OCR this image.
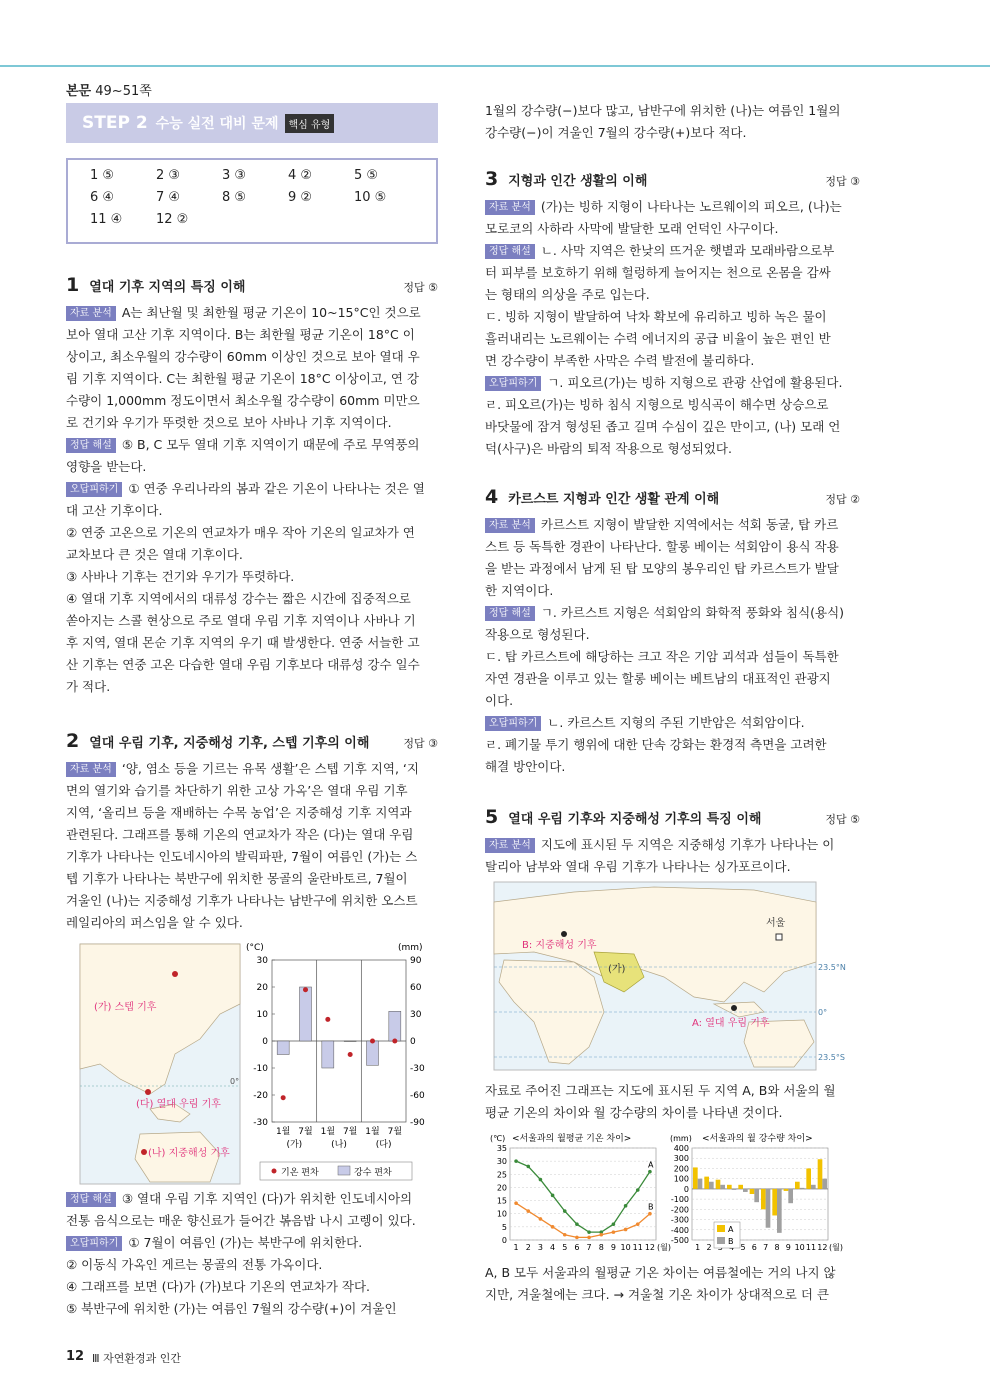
본문 49~51쪽
STEP 2 수능 실전 대비 문제	핵심 유형
1 ⑤	2 ③	3 ③	4 ②	5 ⑤
6 ④	7 ④	8 ⑤	9 ②	10 ⑤
11 ④	12 ②
1 열대 기후 지역의 특징 이해	정답 ⑤
자료 분석 A는 최난월 및 최한월 평균 기온이 10~15°C인 것으로
보아 열대 고산 기후 지역이다. B는 최한월 평균 기온이 18°C 이
상이고, 최소우월의 강수량이 60mm 이상인 것으로 보아 열대 우
림 기후 지역이다. C는 최한월 평균 기온이 18°C 이상이고, 연 강
수량이 1,000mm 정도이면서 최소우월 강수량이 60mm 미만으
로 건기와 우기가 뚜렷한 것으로 보아 사바나 기후 지역이다.
정답 해설 ⑤ B, C 모두 열대 기후 지역이기 때문에 주로 무역풍의
영향을 받는다.
오답피하기 ① 연중 우리나라의 봄과 같은 기온이 나타나는 것은 열
대 고산 기후이다.
② 연중 고온으로 기온의 연교차가 매우 작아 기온의 일교차가 연
교차보다 큰 것은 열대 기후이다.
③ 사바나 기후는 건기와 우기가 뚜렷하다.
④ 열대 기후 지역에서의 대류성 강수는 짧은 시간에 집중적으로
쏟아지는 스콜 현상으로 주로 열대 우림 기후 지역이나 사바나 기
후 지역, 열대 몬순 기후 지역의 우기 때 발생한다. 연중 서늘한 고
산 기후는 연중 고온 다습한 열대 우림 기후보다 대류성 강수 일수
가 적다.
2 열대 우림 기후, 지중해성 기후, 스텝 기후의 이해	정답 ③
자료 분석 ‘양, 염소 등을 기르는 유목 생활’은 스텝 기후 지역, ‘지
면의 열기와 습기를 차단하기 위한 고상 가옥’은 열대 우림 기후
지역, ‘올리브 등을 재배하는 수목 농업’은 지중해성 기후 지역과
관련된다. 그래프를 통해 기온의 연교차가 작은 (다)는 열대 우림
기후가 나타나는 인도네시아의 발릭파판, 7월이 여름인 (가)는 스
텝 기후가 나타나는 북반구에 위치한 몽골의 울란바토르, 7월이
겨울인 (나)는 지중해성 기후가 나타나는 남반구에 위치한 오스트
레일리아의 퍼스임을 알 수 있다.
0°
(가) 스텝 기후
(다) 열대 우림 기후
(나) 지중해성 기후
(°C)	(mm)
30
20
10
0
-10
-20
-30
90
60
30
0
-30
-60
-90
1월 7월 1월 7월 1월 7월
(가)	(나)	(다)
기온 편차	강수 편차
정답 해설 ③ 열대 우림 기후 지역인 (다)가 위치한 인도네시아의
전통 음식으로는 매운 향신료가 들어간 볶음밥 나시 고렝이 있다.
오답피하기 ① 7월이 여름인 (가)는 북반구에 위치한다.
② 이동식 가옥인 게르는 몽골의 전통 가옥이다.
④ 그래프를 보면 (다)가 (가)보다 기온의 연교차가 작다.
⑤ 북반구에 위치한 (가)는 여름인 7월의 강수량(+)이 겨울인
1월의 강수량(−)보다 많고, 남반구에 위치한 (나)는 여름인 1월의
강수량(−)이 겨울인 7월의 강수량(+)보다 적다.
3 지형과 인간 생활의 이해	정답 ③
자료 분석 (가)는 빙하 지형이 나타나는 노르웨이의 피오르, (나)는
모로코의 사하라 사막에 발달한 모래 언덕인 사구이다.
정답 해설 ㄴ. 사막 지역은 한낮의 뜨거운 햇볕과 모래바람으로부
터 피부를 보호하기 위해 헐렁하게 늘어지는 천으로 온몸을 감싸
는 형태의 의상을 주로 입는다.
ㄷ. 빙하 지형이 발달하여 낙차 확보에 유리하고 빙하 녹은 물이
흘러내리는 노르웨이는 수력 에너지의 공급 비율이 높은 편인 반
면 강수량이 부족한 사막은 수력 발전에 불리하다.
오답피하기 ㄱ. 피오르(가)는 빙하 지형으로 관광 산업에 활용된다.
ㄹ. 피오르(가)는 빙하 침식 지형으로 빙식곡이 해수면 상승으로
바닷물에 잠겨 형성된 좁고 길며 수심이 깊은 만이고, (나) 모래 언
덕(사구)은 바람의 퇴적 작용으로 형성되었다.
4 카르스트 지형과 인간 생활 관계 이해	정답 ②
자료 분석 카르스트 지형이 발달한 지역에서는 석회 동굴, 탑 카르
스트 등 독특한 경관이 나타난다. 할롱 베이는 석회암이 용식 작용
을 받는 과정에서 남게 된 탑 모양의 봉우리인 탑 카르스트가 발달
한 지역이다.
정답 해설 ㄱ. 카르스트 지형은 석회암의 화학적 풍화와 침식(용식)
작용으로 형성된다.
ㄷ. 탑 카르스트에 해당하는 크고 작은 기암 괴석과 섬들이 독특한
자연 경관을 이루고 있는 할롱 베이는 베트남의 대표적인 관광지
이다.
오답피하기 ㄴ. 카르스트 지형의 주된 기반암은 석회암이다.
ㄹ. 폐기물 투기 행위에 대한 단속 강화는 환경적 측면을 고려한
해결 방안이다.
5 열대 우림 기후와 지중해성 기후의 특징 이해	정답 ⑤
자료 분석 지도에 표시된 두 지역은 지중해성 기후가 나타나는 이
탈리아 남부와 열대 우림 기후가 나타나는 싱가포르이다.
23.5°N
0°
23.5°S
B: 지중해성 기후
(가)
서울
A: 열대 우림 기후
자료로 주어진 그래프는 지도에 표시된 두 지역 A, B와 서울의 월
평균 기온의 차이와 월 강수량의 차이를 나타낸 것이다.
(℃) <서울과의 월평균 기온 차이>
A
B
35
30
25
20
15
10
5
0
1 2 3 4 5 6 7 8 9 10 11 12 (월)
(mm) <서울과의 월 강수량 차이>
400
300
200
100
0
-100
-200
-300
-400
-500
1 2	5 6 7 8 9 10 11 12 (월)
A
B
A, B 모두 서울과의 월평균 기온 차이는 여름철에는 거의 나지 않
지만, 겨울철에는 크다. → 겨울철 기온 차이가 상대적으로 더 큰
12 Ⅲ 자연환경과 인간
